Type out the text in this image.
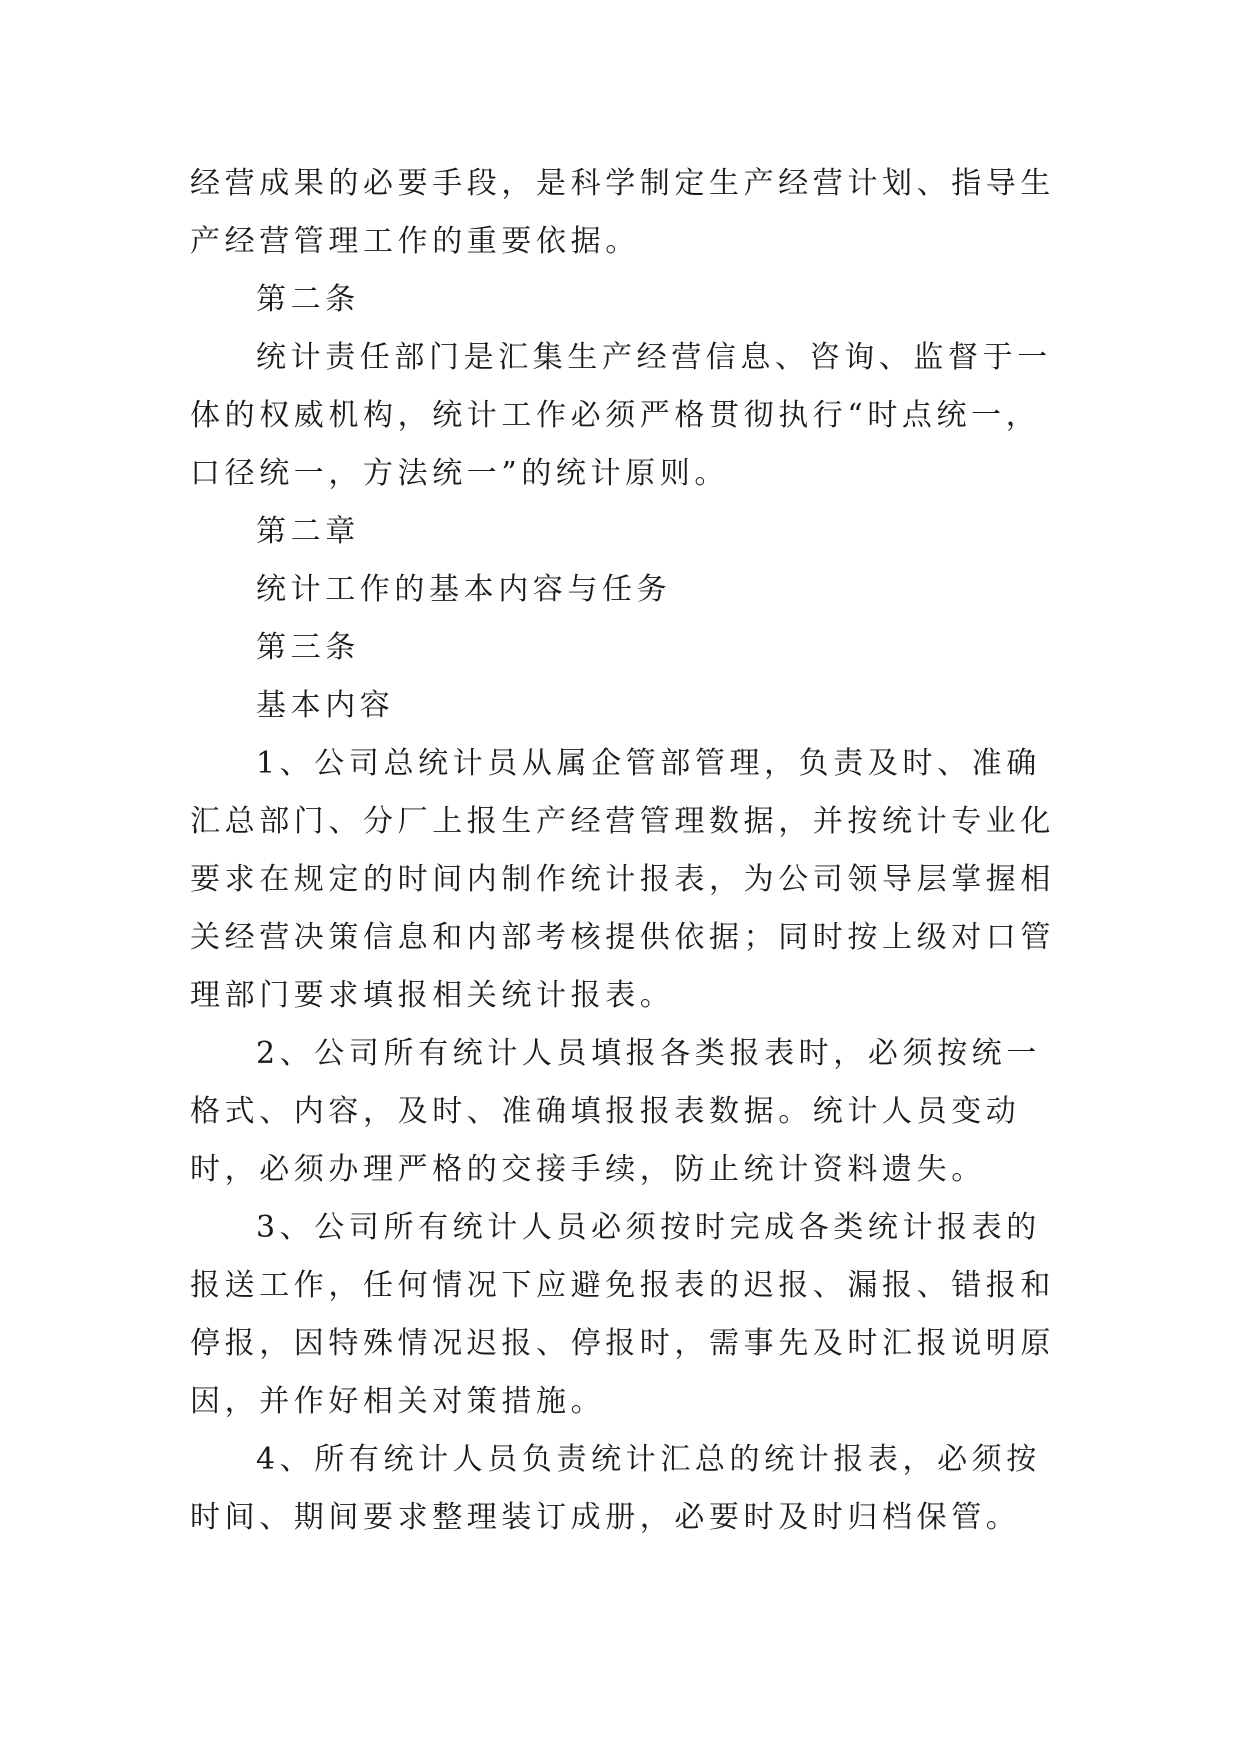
经营成果的必要手段，是科学制定生产经营计划、指导生产经营管理工作的重要依据。

第二条

统计责任部门是汇集生产经营信息、咨询、监督于一体的权威机构，统计工作必须严格贯彻执行“时点统一，口径统一，方法统一”的统计原则。

第二章

统计工作的基本内容与任务

第三条

基本内容

1、公司总统计员从属企管部管理，负责及时、准确汇总部门、分厂上报生产经营管理数据，并按统计专业化要求在规定的时间内制作统计报表，为公司领导层掌握相关经营决策信息和内部考核提供依据；同时按上级对口管理部门要求填报相关统计报表。

2、公司所有统计人员填报各类报表时，必须按统一格式、内容，及时、准确填报报表数据。统计人员变动时，必须办理严格的交接手续，防止统计资料遗失。

3、公司所有统计人员必须按时完成各类统计报表的报送工作，任何情况下应避免报表的迟报、漏报、错报和停报，因特殊情况迟报、停报时，需事先及时汇报说明原因，并作好相关对策措施。

4、所有统计人员负责统计汇总的统计报表，必须按时间、期间要求整理装订成册，必要时及时归档保管。
